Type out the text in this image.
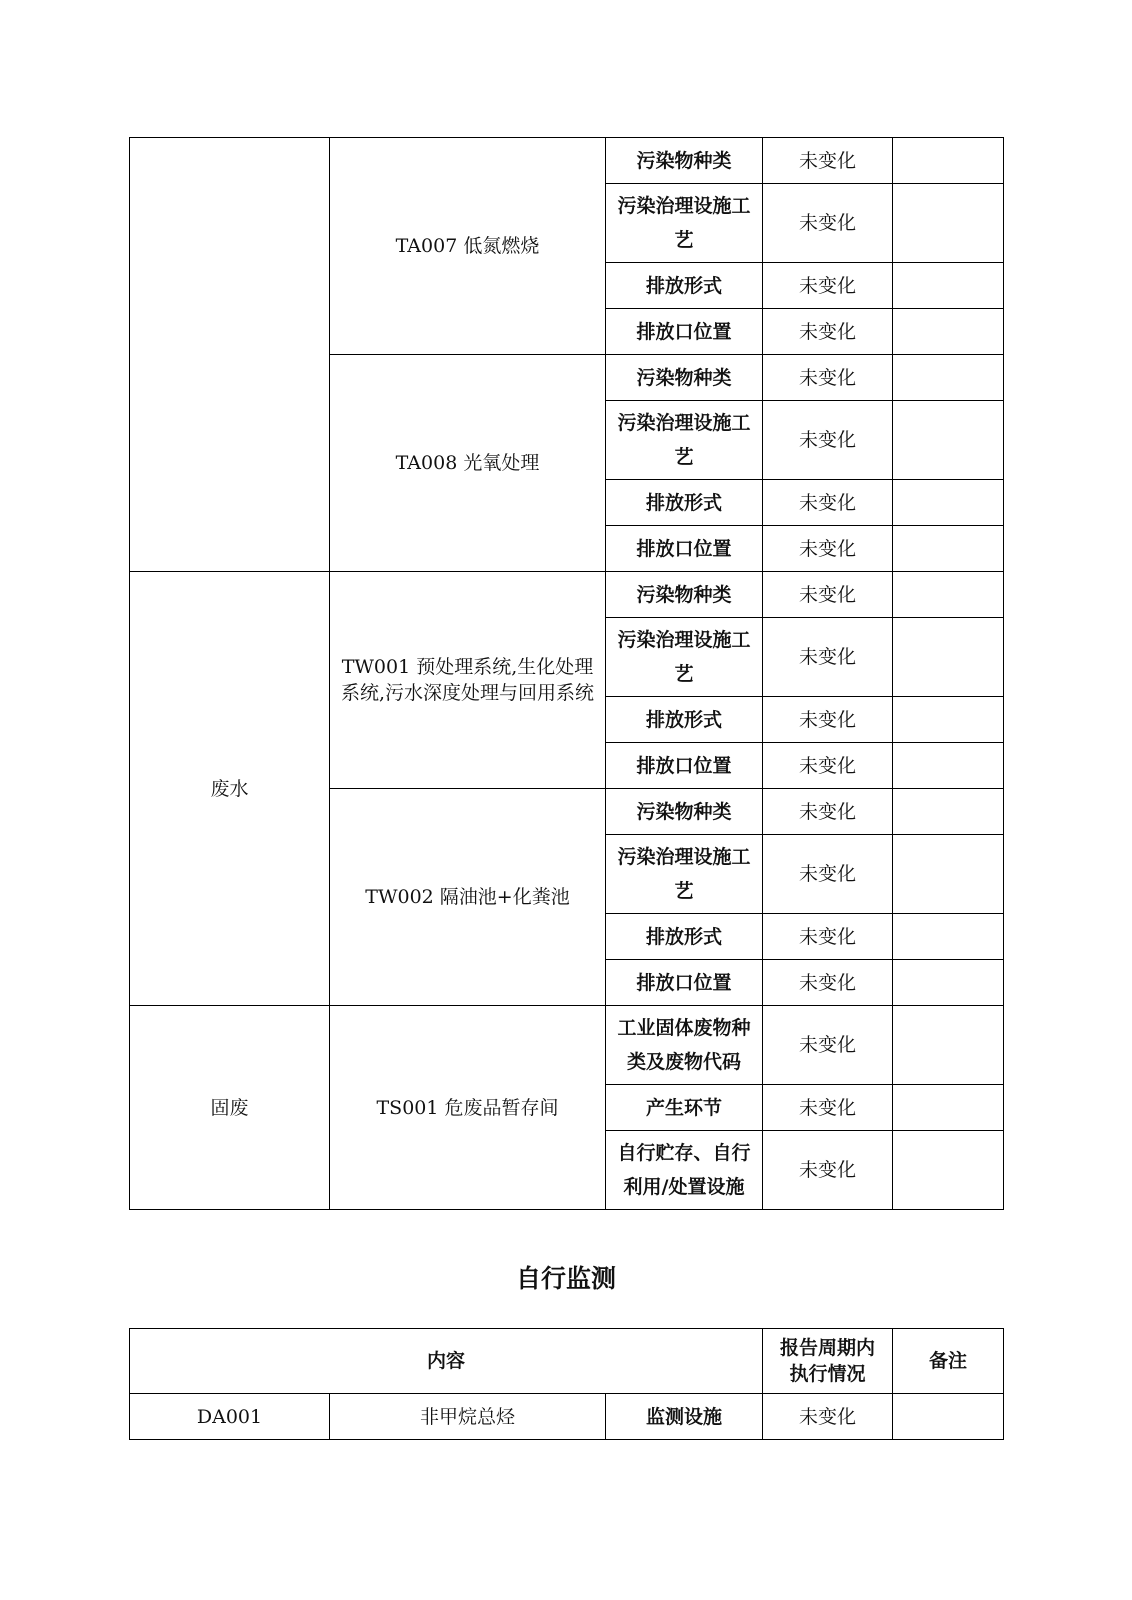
	TA007 低氮燃烧	污染物种类	未变化	
		污染治理设施工艺	未变化	
		排放形式	未变化	
		排放口位置	未变化	
	TA008 光氧处理	污染物种类	未变化	
		污染治理设施工艺	未变化	
		排放形式	未变化	
		排放口位置	未变化	
废水	TW001 预处理系统,生化处理系统,污水深度处理与回用系统	污染物种类	未变化	
		污染治理设施工艺	未变化	
		排放形式	未变化	
		排放口位置	未变化	
	TW002 隔油池+化粪池	污染物种类	未变化	
		污染治理设施工艺	未变化	
		排放形式	未变化	
		排放口位置	未变化	
固废	TS001 危废品暂存间	工业固体废物种类及废物代码	未变化	
		产生环节	未变化	
		自行贮存、自行利用/处置设施	未变化	
自行监测
内容			报告周期内执行情况	备注
DA001	非甲烷总烃	监测设施	未变化	
